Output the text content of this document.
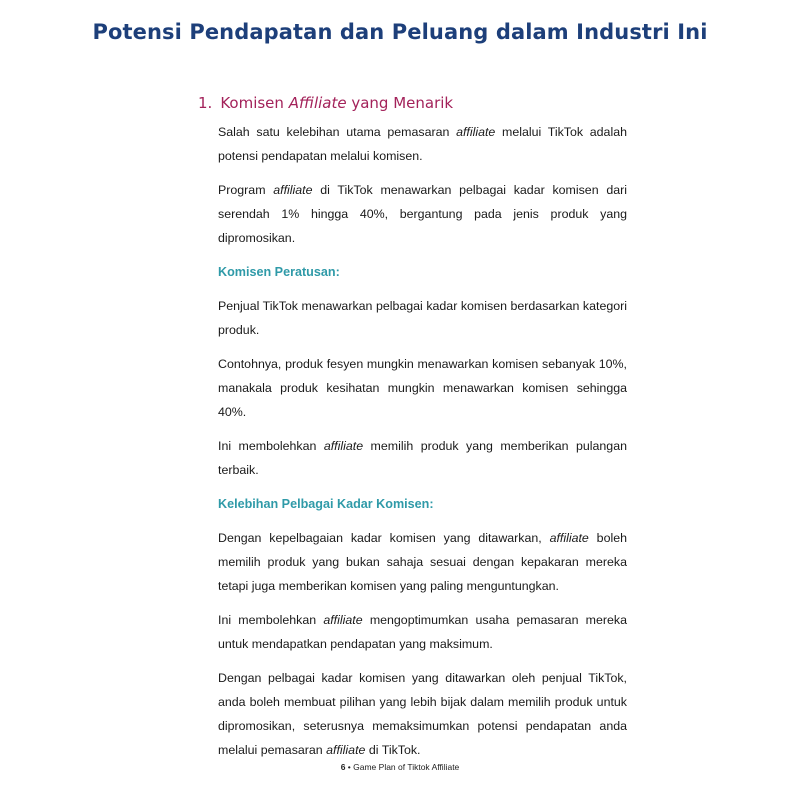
Potensi Pendapatan dan Peluang dalam Industri Ini
1. Komisen Affiliate yang Menarik

Salah satu kelebihan utama pemasaran affiliate melalui TikTok adalah potensi pendapatan melalui komisen.

Program affiliate di TikTok menawarkan pelbagai kadar komisen dari serendah 1% hingga 40%, bergantung pada jenis produk yang dipromosikan.

Komisen Peratusan:

Penjual TikTok menawarkan pelbagai kadar komisen berdasarkan kategori produk.

Contohnya, produk fesyen mungkin menawarkan komisen sebanyak 10%, manakala produk kesihatan mungkin menawarkan komisen sehingga 40%.

Ini membolehkan affiliate memilih produk yang memberikan pulangan terbaik.

Kelebihan Pelbagai Kadar Komisen:

Dengan kepelbagaian kadar komisen yang ditawarkan, affiliate boleh memilih produk yang bukan sahaja sesuai dengan kepakaran mereka tetapi juga memberikan komisen yang paling menguntungkan.

Ini membolehkan affiliate mengoptimumkan usaha pemasaran mereka untuk mendapatkan pendapatan yang maksimum.

Dengan pelbagai kadar komisen yang ditawarkan oleh penjual TikTok, anda boleh membuat pilihan yang lebih bijak dalam memilih produk untuk dipromosikan, seterusnya memaksimumkan potensi pendapatan anda melalui pemasaran affiliate di TikTok.

6 • Game Plan of Tiktok Affiliate
